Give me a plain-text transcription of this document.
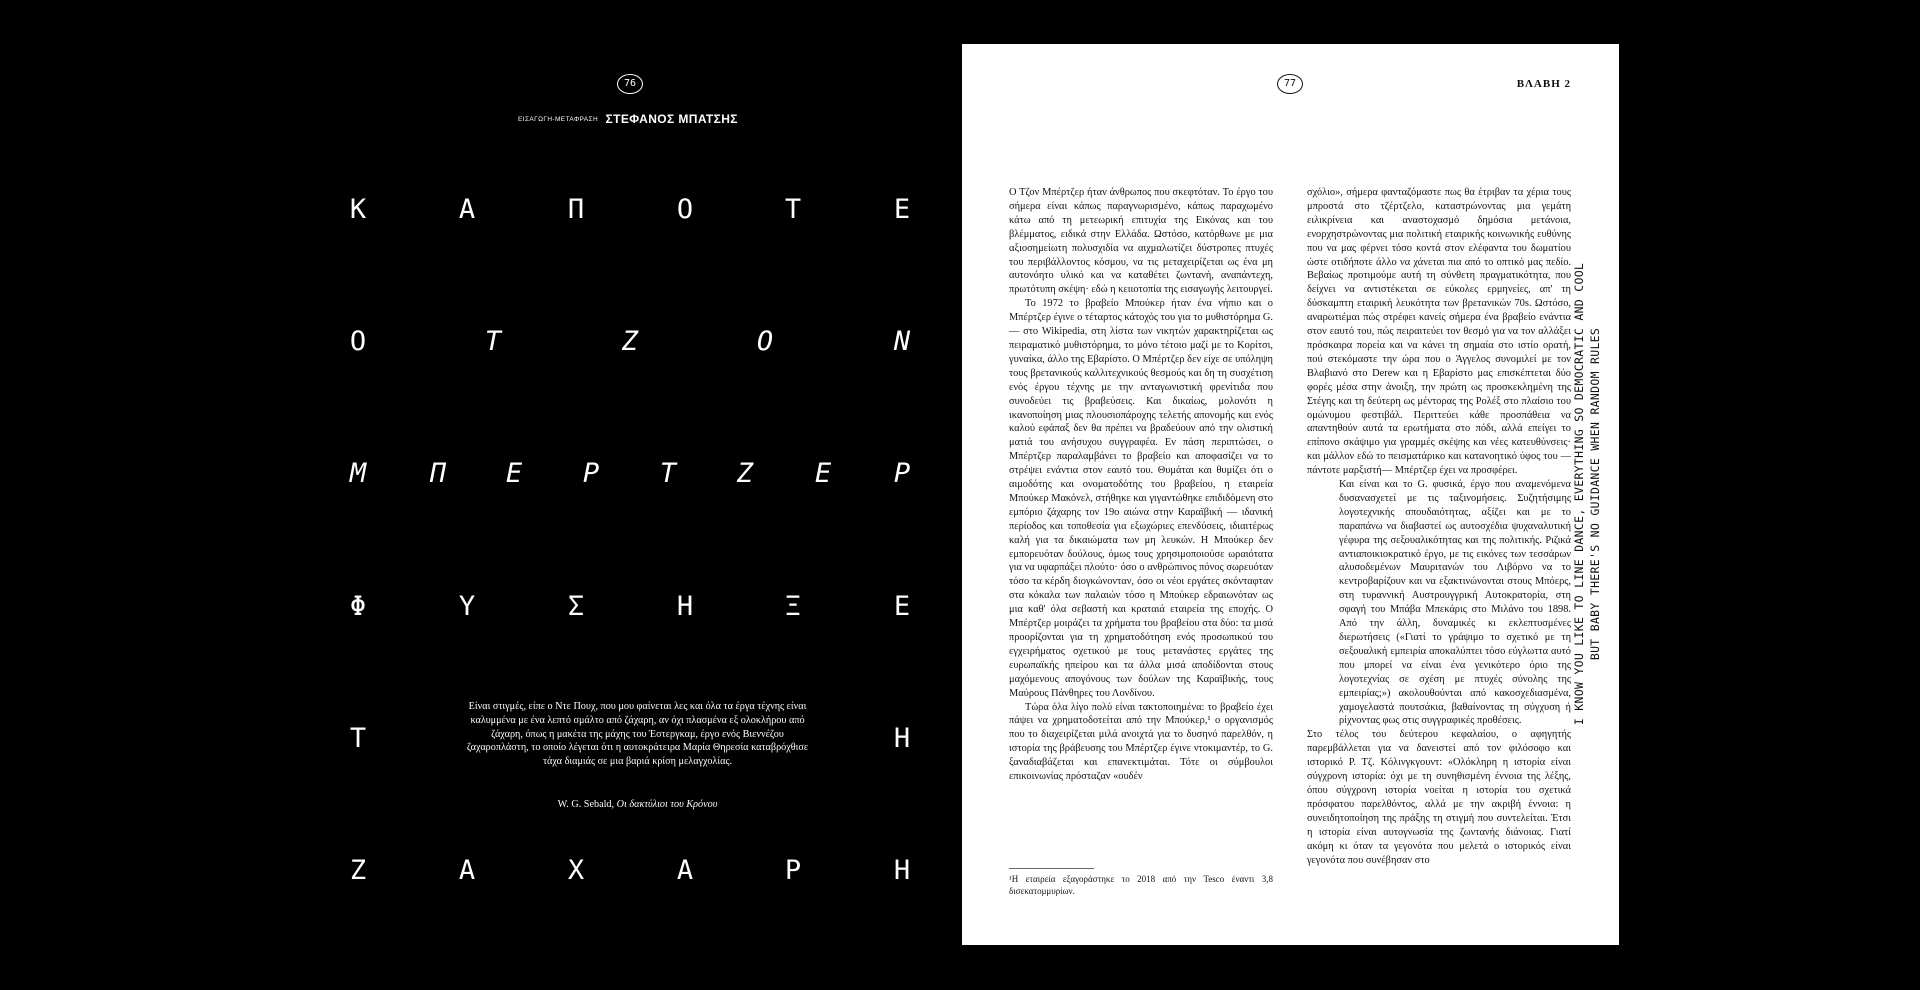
76
ΕΙΣΑΓΩΓΗ-ΜΕΤΑΦΡΑΣΗ ΣΤΕΦΑΝΟΣ ΜΠΑΤΣΗΣ
Κ	Α	Π	Ο	Τ	Ε
Ο	Τ	Ζ	Ο	Ν
Μ	Π	Ε	Ρ	Τ	Ζ	Ε	Ρ
Φ	Υ	Σ	Η	Ξ	Ε
Τ	Η
Ζ	Α	Χ	Α	Ρ	Η
Είναι στιγμές, είπε ο Ντε Πουχ, που μου φαίνεται λες και όλα τα έργα τέχνης είναι καλυμμένα με ένα λεπτό σμάλτο από ζάχαρη, αν όχι πλασμένα εξ ολοκλήρου από ζάχαρη, όπως η μακέτα της μάχης του Έστεργκαμ, έργο ενός Βιεννέζου ζαχαροπλάστη, το οποίο λέγεται ότι η αυτοκράτειρα Μαρία Θηρεσία καταβρόχθισε τάχα διαμιάς σε μια βαριά κρίση μελαγχολίας.
W. G. Sebald, Οι δακτύλιοι του Κρόνου
77	ΒΛΑΒΗ 2

Ο Τζον Μπέρτζερ ήταν άνθρωπος που σκεφτόταν. Το έργο του σήμερα είναι κάπως παραγνωρισμένο, κάπως παραχωμένο κάτω από τη μετεωρική επιτυχία της Εικόνας και του βλέμματος, ειδικά στην Ελλάδα. Ωστόσο, κατόρθωνε με μια αξιοσημείωτη πολυσχιδία να αιχμαλωτίζει δύστροπες πτυχές του περιβάλλοντος κόσμου, να τις μεταχειρίζεται ως ένα μη αυτονόητο υλικό και να καταθέτει ζωντανή, αναπάντεχη, πρωτότυπη σκέψη· εδώ η κειιοτοπία της εισαγωγής λειτουργεί.

Το 1972 το βραβείο Μπούκερ ήταν ένα νήπιο και ο Μπέρτζερ έγινε ο τέταρτος κάτοχός του για το μυθιστόρημα G. — στο Wikipedia, στη λίστα των νικητών χαρακτηρίζεται ως πειραματικό μυθιστόρημα, το μόνο τέτοιο μαζί με το Κορίτσι, γυναίκα, άλλο της Εβαρίστο. Ο Μπέρτζερ δεν είχε σε υπόληψη τους βρετανικούς καλλιτεχνικούς θεσμούς και δη τη συσχέτιση ενός έργου τέχνης με την ανταγωνιστική φρενίτιδα που συνοδεύει τις βραβεύσεις. Και δικαίως, μολονότι η ικανοποίηση μιας πλουσιοπάροχης τελετής απονομής και ενός καλού εφάπαξ δεν θα πρέπει να βραδεύουν από την ολιστική ματιά του ανήσυχου συγγραφέα. Εν πάση περιπτώσει, ο Μπέρτζερ παραλαμβάνει το βραβείο και αποφασίζει να το στρέψει ενάντια στον εαυτό του. Θυμάται και θυμίζει ότι ο αιμοδότης και ονοματοδότης του βραβείου, η εταιρεία Μπούκερ Μακόνελ, στήθηκε και γιγαντώθηκε επιδιδόμενη στο εμπόριο ζάχαρης τον 19ο αιώνα στην Καραϊβική — ιδανική περίοδος και τοποθεσία για εξωχώριες επενδύσεις, ιδιαιτέρως καλή για τα δικαιώματα των μη λευκών. Η Μπούκερ δεν εμπορευόταν δούλους, όμως τους χρησιμοποιούσε ωραιότατα για να υφαρπάξει πλούτο· όσο ο ανθρώπινος πόνος σωρευόταν τόσο τα κέρδη διογκώνονταν, όσο οι νέοι εργάτες σκόνταφταν στα κόκαλα των παλαιών τόσο η Μπούκερ εδραιωνόταν ως μια καθ' όλα σεβαστή και κραταιά εταιρεία της εποχής. Ο Μπέρτζερ μοιράζει τα χρήματα του βραβείου στα δύο: τα μισά προορίζονται για τη χρηματοδότηση ενός προσωπικού του εγχειρήματος σχετικού με τους μετανάστες εργάτες της ευρωπαϊκής ηπείρου και τα άλλα μισά αποδίδονται στους μαχόμενους απογόνους των δούλων της Καραϊβικής, τους Μαύρους Πάνθηρες του Λονδίνου.

Τώρα όλα λίγο πολύ είναι τακτοποιημένα: το βραβείο έχει πάψει να χρηματοδοτείται από την Μπούκερ,¹ ο οργανισμός που το διαχειρίζεται μιλά ανοιχτά για το δυσηνό παρελθόν, η ιστορία της βράβευσης του Μπέρτζερ έγινε ντοκιμαντέρ, το G. ξαναδιαβάζεται και επανεκτιμάται. Τότε οι σύμβουλοι επικοινωνίας πρόσταζαν «ουδέν

σχόλιο», σήμερα φανταζόμαστε πως θα έτριβαν τα χέρια τους μπροστά στο τζέρτζελο, καταστρώνοντας μια γεμάτη ειλικρίνεια και αναστοχασμό δημόσια μετάνοια, ενορχηστρώνοντας μια πολιτική εταιρικής κοινωνικής ευθύνης που να μας φέρνει τόσο κοντά στον ελέφαντα του δωματίου ώστε οτιδήποτε άλλο να χάνεται πια από το οπτικό μας πεδίο. Βεβαίως προτιμούμε αυτή τη σύνθετη πραγματικότητα, που δείχνει να αντιστέκεται σε εύκολες ερμηνείες, απ' τη δύσκαμπτη εταιρική λευκότητα των βρετανικών 70s. Ωστόσο, αναρωτιέμαι πώς στρέφει κανείς σήμερα ένα βραβείο ενάντια στον εαυτό του, πώς πειραιτεύει τον θεσμό για να τον αλλάξει πρόσκαιρα πορεία και να κάνει τη σημαία στο ιστίο ορατή, πού στεκόμαστε την ώρα που ο Άγγελος συνομιλεί με τον Βλαβιανό στο Derew και η Εβαρίστο μας επισκέπτεται δύο φορές μέσα στην άνοιξη, την πρώτη ως προσκεκλημένη της Στέγης και τη δεύτερη ως μέντορας της Ρολέξ στο πλαίσιο του ομώνυμου φεστιβάλ. Περιττεύει κάθε προσπάθεια να απαντηθούν αυτά τα ερωτήματα στο πόδι, αλλά επείγει το επίπονο σκάψιμο για γραμμές σκέψης και νέες κατευθύνσεις· και μάλλον εδώ το πεισματάρικο και κατανοητικό ύφος του —πάντοτε μαρξιστή— Μπέρτζερ έχει να προσφέρει.

Και είναι και το G. φυσικά, έργο που αναμενόμενα δυσανασχετεί με τις ταξινομήσεις. Συζητήσιμης λογοτεχνικής σπουδαιότητας, αξίζει και με το παραπάνω να διαβαστεί ως αυτοσχέδια ψυχαναλυτική γέφυρα της σεξουαλικότητας και της πολιτικής. Ριζικά αντιαποικιοκρατικό έργο, με τις εικόνες των τεσσάρων αλυσοδεμένων Μαυριτανών του Λιβόρνο να το κεντροβαρίζουν και να εξακτινώνονται στους Μπόερς, στη τυραννική Αυστρουγγρική Αυτοκρατορία, στη σφαγή του Μπάβα Μπεκάρις στο Μιλάνο του 1898. Από την άλλη, δυναμικές κι εκλεπτυσμένες διερωτήσεις («Γιατί το γράψιμο το σχετικό με τη σεξουαλική εμπειρία αποκαλύπτει τόσο εύγλωττα αυτό που μπορεί να είναι ένα γενικότερο όριο της λογοτεχνίας σε σχέση με πτυχές σύνολης της εμπειρίας;») ακολουθούνται από κακοσχεδιασμένα, χαμογελαστά πουτσάκια, βαθαίνοντας τη σύγχυση ή ρίχνοντας φως στις συγγραφικές προθέσεις.

Στο τέλος του δεύτερου κεφαλαίου, ο αφηγητής παρεμβάλλεται για να δανειστεί από τον φιλόσοφο και ιστορικό Ρ. Τζ. Κόλινγκγουντ: «Ολόκληρη η ιστορία είναι σύγχρονη ιστορία: όχι με τη συνηθισμένη έννοια της λέξης, όπου σύγχρονη ιστορία νοείται η ιστορία του σχετικά πρόσφατου παρελθόντος, αλλά με την ακριβή έννοια: η συνειδητοποίηση της πράξης τη στιγμή που συντελείται. Έτσι η ιστορία είναι αυτογνωσία της ζωντανής διάνοιας. Γιατί ακόμη κι όταν τα γεγονότα που μελετά ο ιστορικός είναι γεγονότα που συνέβησαν στο

¹Η εταιρεία εξαγοράστηκε το 2018 από την Tesco έναντι 3,8 δισεκατομμυρίων.
I KNOW YOU LIKE TO LINE DANCE, EVERYTHING SO DEMOCRATIC AND COOL BUT BABY THERE'S NO GUIDANCE WHEN RANDOM RULES
